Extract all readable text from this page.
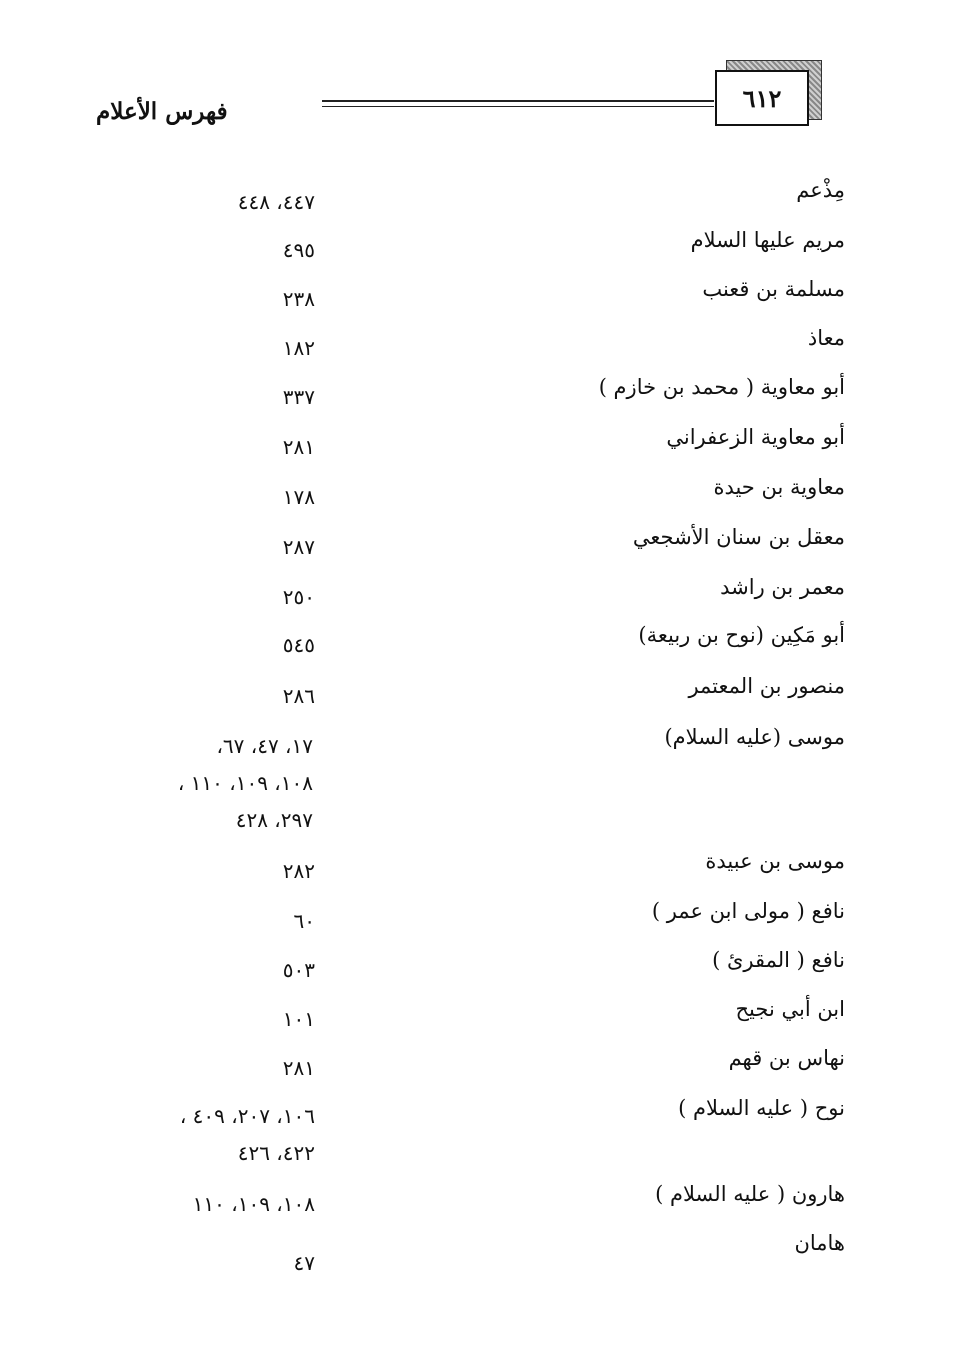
فهرس الأعلام	٦١٢
مِذْعم
٤٤٧، ٤٤٨
مريم عليها السلام
٤٩٥
مسلمة بن قعنب
٢٣٨
معاذ
١٨٢
أبو معاوية ( محمد بن خازم )
٣٣٧
أبو معاوية الزعفراني
٢٨١
معاوية بن حيدة
١٧٨
معقل بن سنان الأشجعي
٢٨٧
معمر بن راشد
٢٥٠
أبو مَكِين (نوح بن ربيعة)
٥٤٥
منصور بن المعتمر
٢٨٦
موسى (عليه السلام)
١٧، ٤٧، ٦٧،
١٠٨، ١٠٩، ١١٠ ،
٢٩٧، ٤٢٨
موسى بن عبيدة
٢٨٢
نافع ( مولى ابن عمر )
٦٠
نافع ( المقرئ )
٥٠٣
ابن أبي نجيح
١٠١
نهاس بن قهم
٢٨١
نوح ( عليه السلام )
١٠٦، ٢٠٧، ٤٠٩ ،
٤٢٢، ٤٢٦
هارون ( عليه السلام )
١٠٨، ١٠٩، ١١٠
هامان
٤٧
